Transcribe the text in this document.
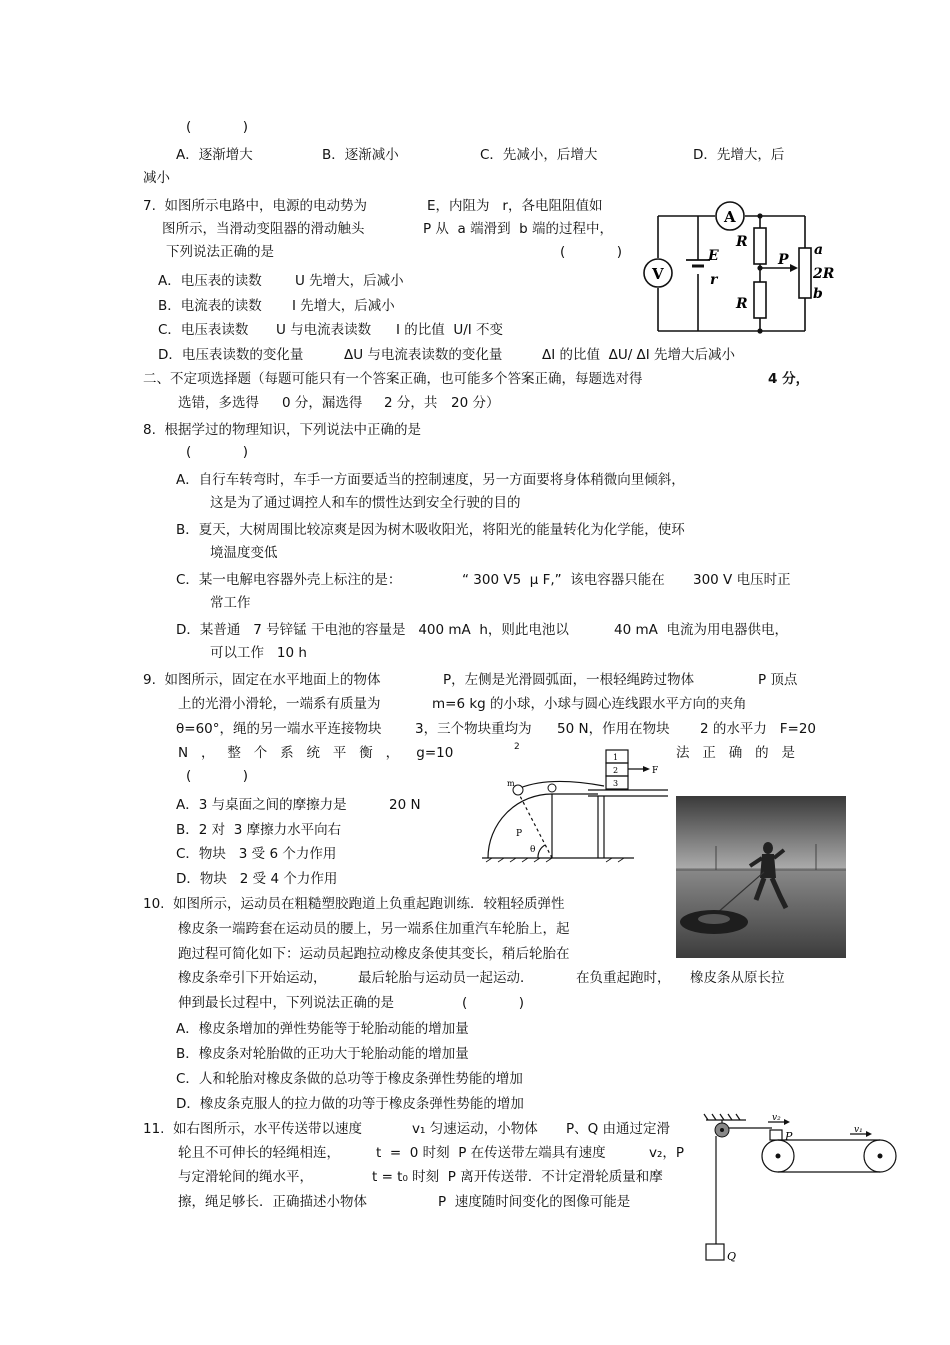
(            )
A．逐渐增大	B．逐渐减小	C．先减小，后增大	D．先增大，后
减小
7.  如图所示电路中，电源的电动势为	E，内阻为   r，各电阻阻值如
图所示，当滑动变阻器的滑动触头	P 从  a 端滑到  b 端的过程中，
下列说法正确的是	(            )
A．电压表的读数 U 先增大，后减小
B．电流表的读数 I 先增大，后减小
C．电压表读数 U 与电流表读数 I 的比值  U/I 不变
D．电压表读数的变化量	ΔU 与电流表读数的变化量	ΔI 的比值  ΔU/ ΔI 先增大后减小
A
V
E
r
R
R
P
a
2R
b
二、不定项选择题（每题可能只有一个答案正确，也可能多个答案正确，每题选对得	4 分，
选错，多选得 0 分，漏选得 2 分，共 20 分）
8.  根据学过的物理知识，下列说法中正确的是
(            )
A．自行车转弯时，车手一方面要适当的控制速度，另一方面要将身体稍微向里倾斜，
这是为了通过调控人和车的惯性达到安全行驶的目的
B．夏天，大树周围比较凉爽是因为树木吸收阳光，将阳光的能量转化为化学能，使环
境温度变低
C．某一电解电容器外壳上标注的是：	“ 300 V5  μ F,”  该电容器只能在 300 V 电压时正
常工作
D．某普通   7 号锌锰 干电池的容量是   400 mA  h，则此电池以	40 mA  电流为用电器供电，
可以工作   10 h
9.  如图所示，固定在水平地面上的物体	P，左侧是光滑圆弧面，一根轻绳跨过物体	P 顶点
上的光滑小滑轮，一端系有质量为	m=6 kg 的小球，小球与圆心连线跟水平方向的夹角
θ=60°，绳的另一端水平连接物块 3，三个物块重均为 50 N，作用在物块 2 的水平力   F=20
N   ，   整   个   系   统   平   衡   ，    g=10	2	法   正   确   的   是
(            )
A．3 与桌面之间的摩擦力是	20 N
B．2 对  3 摩擦力水平向右
C．物块   3 受 6 个力作用
D．物块   2 受 4 个力作用
1
2
3
F
m
P
θ
10.  如图所示，运动员在粗糙塑胶跑道上负重起跑训练．较粗轻质弹性
橡皮条一端跨套在运动员的腰上，另一端系住加重汽车轮胎上，起
跑过程可简化如下：运动员起跑拉动橡皮条使其变长，稍后轮胎在
橡皮条牵引下开始运动， 最后轮胎与运动员一起运动．	在负重起跑时， 橡皮条从原长拉
伸到最长过程中，下列说法正确的是	(            )
A．橡皮条增加的弹性势能等于轮胎动能的增加量
B．橡皮条对轮胎做的正功大于轮胎动能的增加量
C．人和轮胎对橡皮条做的总功等于橡皮条弹性势能的增加
D．橡皮条克服人的拉力做的功等于橡皮条弹性势能的增加
11.  如右图所示，水平传送带以速度	v₁ 匀速运动，小物体 P、Q 由通过定滑
轮且不可伸长的轻绳相连，	t  =  0 时刻  P 在传送带左端具有速度	v₂，P
与定滑轮间的绳水平，	t = t₀ 时刻  P 离开传送带．不计定滑轮质量和摩
擦，绳足够长．正确描述小物体	P  速度随时间变化的图像可能是
v₂
v₁
P
Q
